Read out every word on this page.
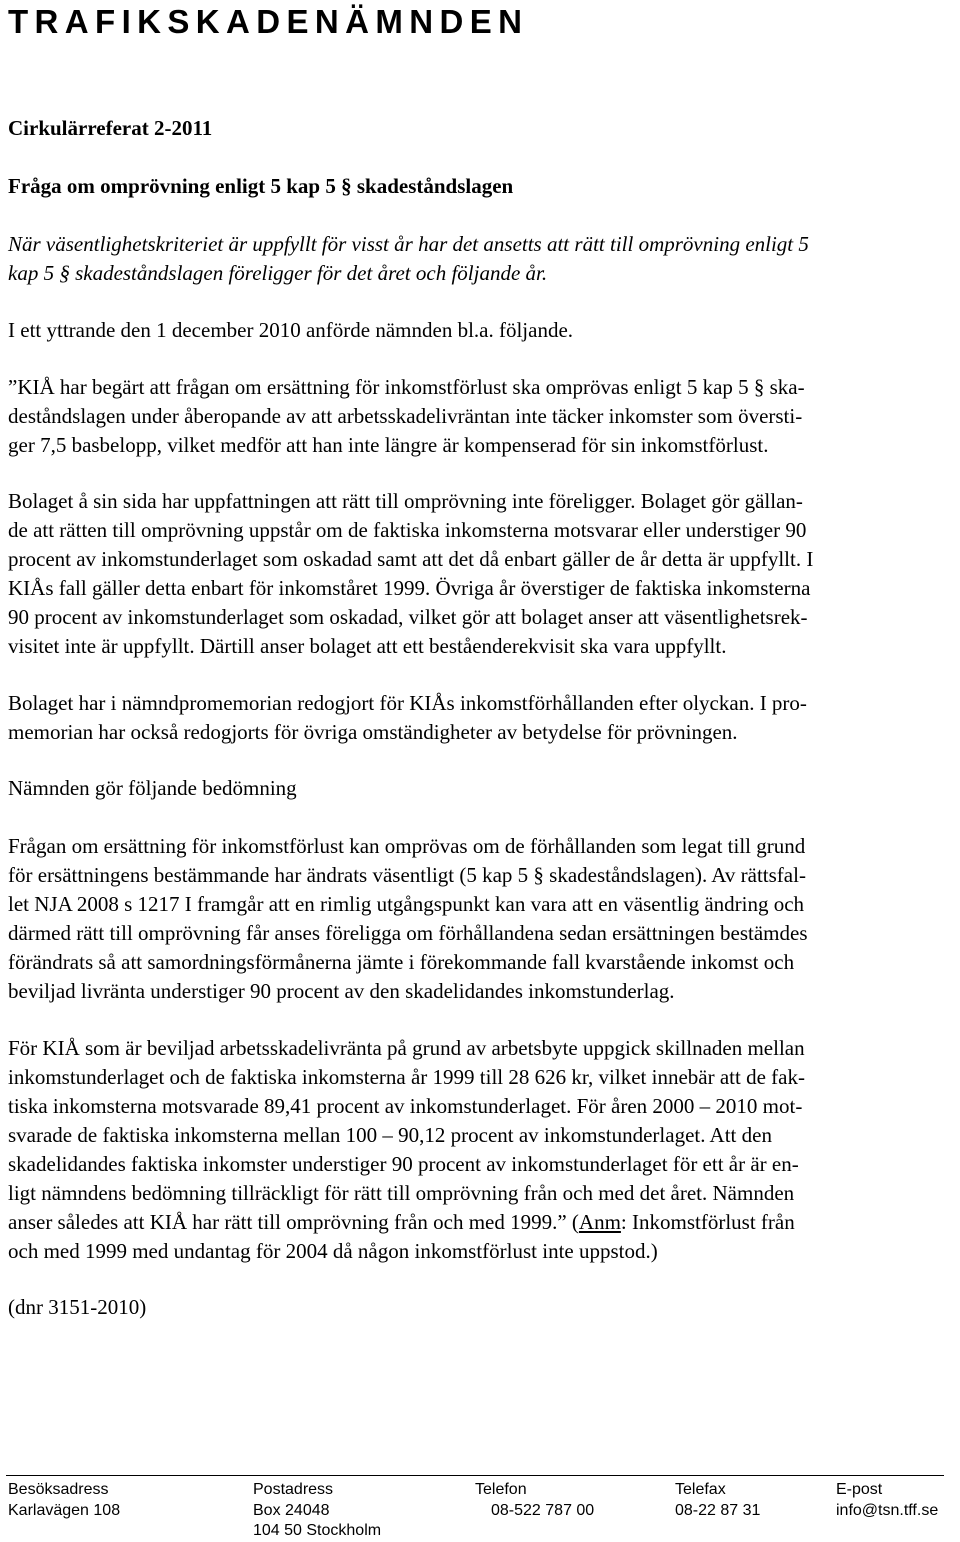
TRAFIKSKADENÄMNDEN
Cirkulärreferat 2-2011
Fråga om omprövning enligt 5 kap 5 § skadeståndslagen
När väsentlighetskriteriet är uppfyllt för visst år har det ansetts att rätt till omprövning enligt 5
kap 5 § skadeståndslagen föreligger för det året och följande år.
I ett yttrande den 1 december 2010 anförde nämnden bl.a. följande.
”KIÅ har begärt att frågan om ersättning för inkomstförlust ska omprövas enligt 5 kap 5 § ska-
deståndslagen under åberopande av att arbetsskadelivräntan inte täcker inkomster som översti-
ger 7,5 basbelopp, vilket medför att han inte längre är kompenserad för sin inkomstförlust.
Bolaget å sin sida har uppfattningen att rätt till omprövning inte föreligger. Bolaget gör gällan-
de att rätten till omprövning uppstår om de faktiska inkomsterna motsvarar eller understiger 90
procent av inkomstunderlaget som oskadad samt att det då enbart gäller de år detta är uppfyllt. I
KIÅs fall gäller detta enbart för inkomståret 1999. Övriga år överstiger de faktiska inkomsterna
90 procent av inkomstunderlaget som oskadad, vilket gör att bolaget anser att väsentlighetsrek-
visitet inte är uppfyllt. Därtill anser bolaget att ett beståenderekvisit ska vara uppfyllt.
Bolaget har i nämndpromemorian redogjort för KIÅs inkomstförhållanden efter olyckan. I pro-
memorian har också redogjorts för övriga omständigheter av betydelse för prövningen.
Nämnden gör följande bedömning
Frågan om ersättning för inkomstförlust kan omprövas om de förhållanden som legat till grund
för ersättningens bestämmande har ändrats väsentligt (5 kap 5 § skadeståndslagen). Av rättsfal-
let NJA 2008 s 1217 I framgår att en rimlig utgångspunkt kan vara att en väsentlig ändring och
därmed rätt till omprövning får anses föreligga om förhållandena sedan ersättningen bestämdes
förändrats så att samordningsförmånerna jämte i förekommande fall kvarstående inkomst och
beviljad livränta understiger 90 procent av den skadelidandes inkomstunderlag.
För KIÅ som är beviljad arbetsskadelivränta på grund av arbetsbyte uppgick skillnaden mellan
inkomstunderlaget och de faktiska inkomsterna år 1999 till 28 626 kr, vilket innebär att de fak-
tiska inkomsterna motsvarade 89,41 procent av inkomstunderlaget. För åren 2000 – 2010 mot-
svarade de faktiska inkomsterna mellan 100 – 90,12 procent av inkomstunderlaget. Att den
skadelidandes faktiska inkomster understiger 90 procent av inkomstunderlaget för ett år är en-
ligt nämndens bedömning tillräckligt för rätt till omprövning från och med det året. Nämnden
anser således att KIÅ har rätt till omprövning från och med 1999.” (Anm: Inkomstförlust från
och med 1999 med undantag för 2004 då någon inkomstförlust inte uppstod.)
(dnr 3151-2010)
Besöksadress
Karlavägen 108
Postadress
Box 24048
104 50 Stockholm
Telefon
08-522 787 00
Telefax
08-22 87 31
E-post
info@tsn.tff.se
